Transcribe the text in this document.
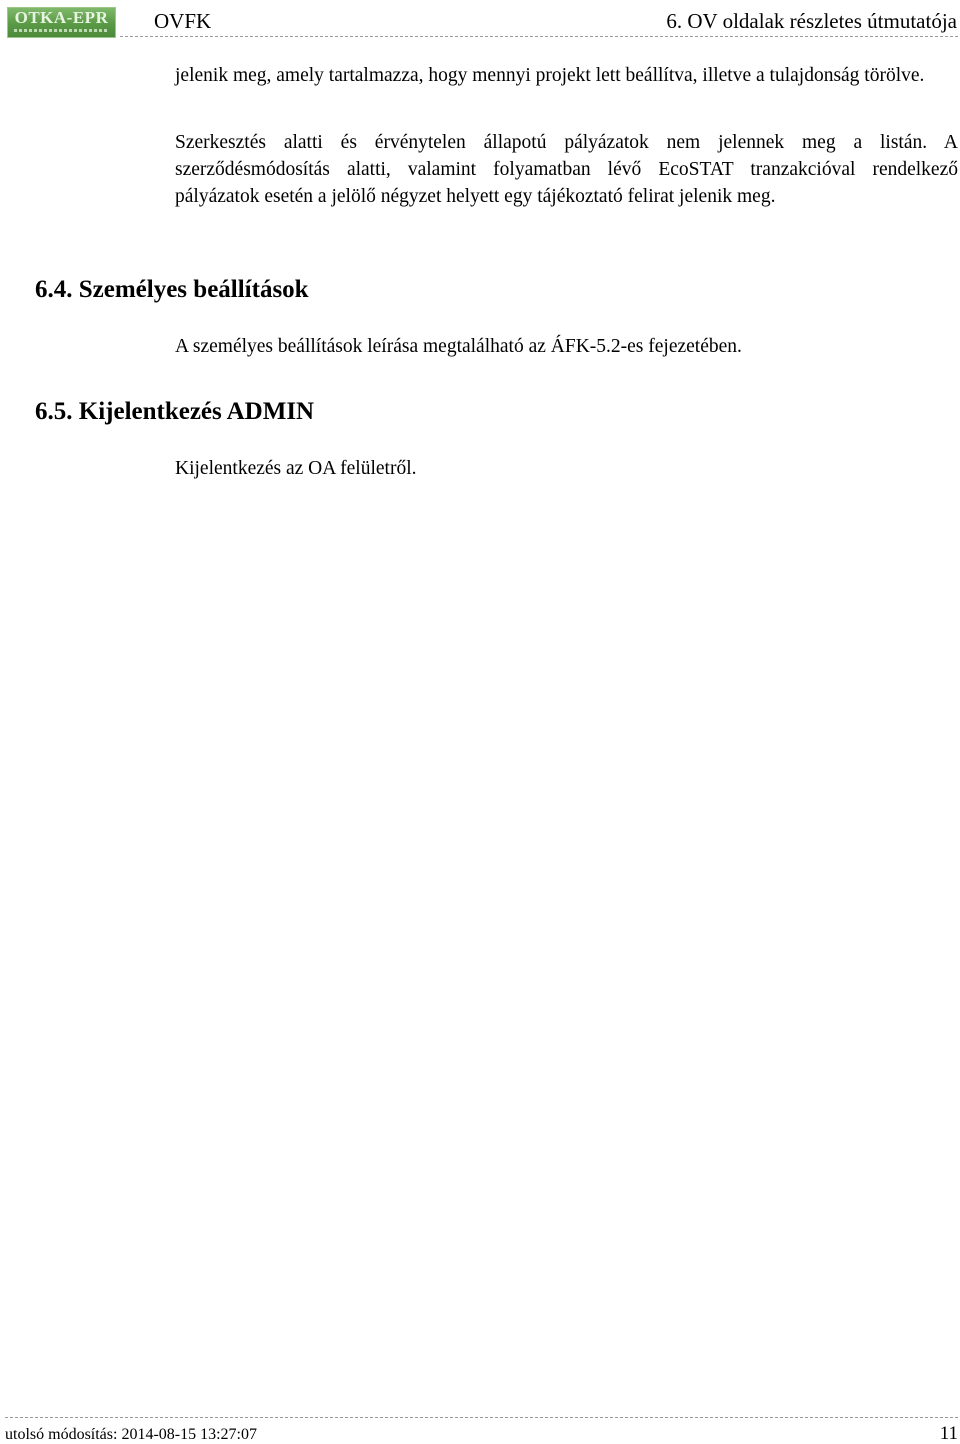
OTKA-EPR	OVFK	6. OV oldalak részletes útmutatója

jelenik meg, amely tartalmazza, hogy mennyi projekt lett beállítva, illetve a tulajdonság törölve.

Szerkesztés alatti és érvénytelen állapotú pályázatok nem jelennek meg a listán. A szerződésmódosítás alatti, valamint folyamatban lévő EcoSTAT tranzakcióval rendelkező pályázatok esetén a jelölő négyzet helyett egy tájékoztató felirat jelenik meg.

6.4. Személyes beállítások

A személyes beállítások leírása megtalálható az ÁFK-5.2-es fejezetében.

6.5. Kijelentkezés ADMIN

Kijelentkezés az OA felületről.

utolsó módosítás: 2014-08-15 13:27:07	11
